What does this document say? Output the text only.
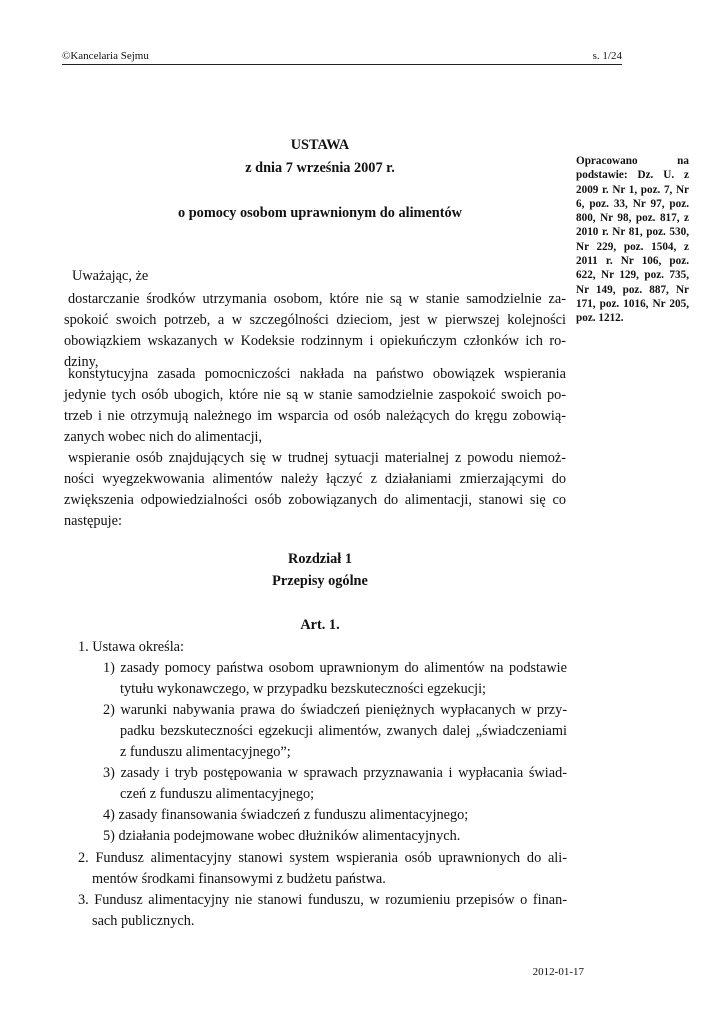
©Kancelaria Sejmu	s. 1/24
USTAWA
z dnia 7 września 2007 r.
o pomocy osobom uprawnionym do alimentów
Uważając, że
dostarczanie środków utrzymania osobom, które nie są w stanie samodzielnie za-
spokoić swoich potrzeb, a w szczególności dzieciom, jest w pierwszej kolejności
obowiązkiem wskazanych w Kodeksie rodzinnym i opiekuńczym członków ich ro-
dziny,
konstytucyjna zasada pomocniczości nakłada na państwo obowiązek wspierania
jedynie tych osób ubogich, które nie są w stanie samodzielnie zaspokoić swoich po-
trzeb i nie otrzymują należnego im wsparcia od osób należących do kręgu zobowią-
zanych wobec nich do alimentacji,
wspieranie osób znajdujących się w trudnej sytuacji materialnej z powodu niemoż-
ności wyegzekwowania alimentów należy łączyć z działaniami zmierzającymi do
zwiększenia odpowiedzialności osób zobowiązanych do alimentacji, stanowi się co
następuje:
Rozdział 1
Przepisy ogólne
Art. 1.
1. Ustawa określa:
1) zasady pomocy państwa osobom uprawnionym do alimentów na podstawie
tytułu wykonawczego, w przypadku bezskuteczności egzekucji;
2) warunki nabywania prawa do świadczeń pieniężnych wypłacanych w przy-
padku bezskuteczności egzekucji alimentów, zwanych dalej „świadczeniami
z funduszu alimentacyjnego”;
3) zasady i tryb postępowania w sprawach przyznawania i wypłacania świad-
czeń z funduszu alimentacyjnego;
4) zasady finansowania świadczeń z funduszu alimentacyjnego;
5) działania podejmowane wobec dłużników alimentacyjnych.
2. Fundusz alimentacyjny stanowi system wspierania osób uprawnionych do ali-
mentów środkami finansowymi z budżetu państwa.
3. Fundusz alimentacyjny nie stanowi funduszu, w rozumieniu przepisów o finan-
sach publicznych.
Opracowano na podstawie: Dz. U. z 2009 r. Nr 1, poz. 7, Nr 6, poz. 33, Nr 97, poz. 800, Nr 98, poz. 817, z 2010 r. Nr 81, poz. 530, Nr 229, poz. 1504, z 2011 r. Nr 106, poz. 622, Nr 129, poz. 735, Nr 149, poz. 887, Nr 171, poz. 1016, Nr 205, poz. 1212.
2012-01-17
